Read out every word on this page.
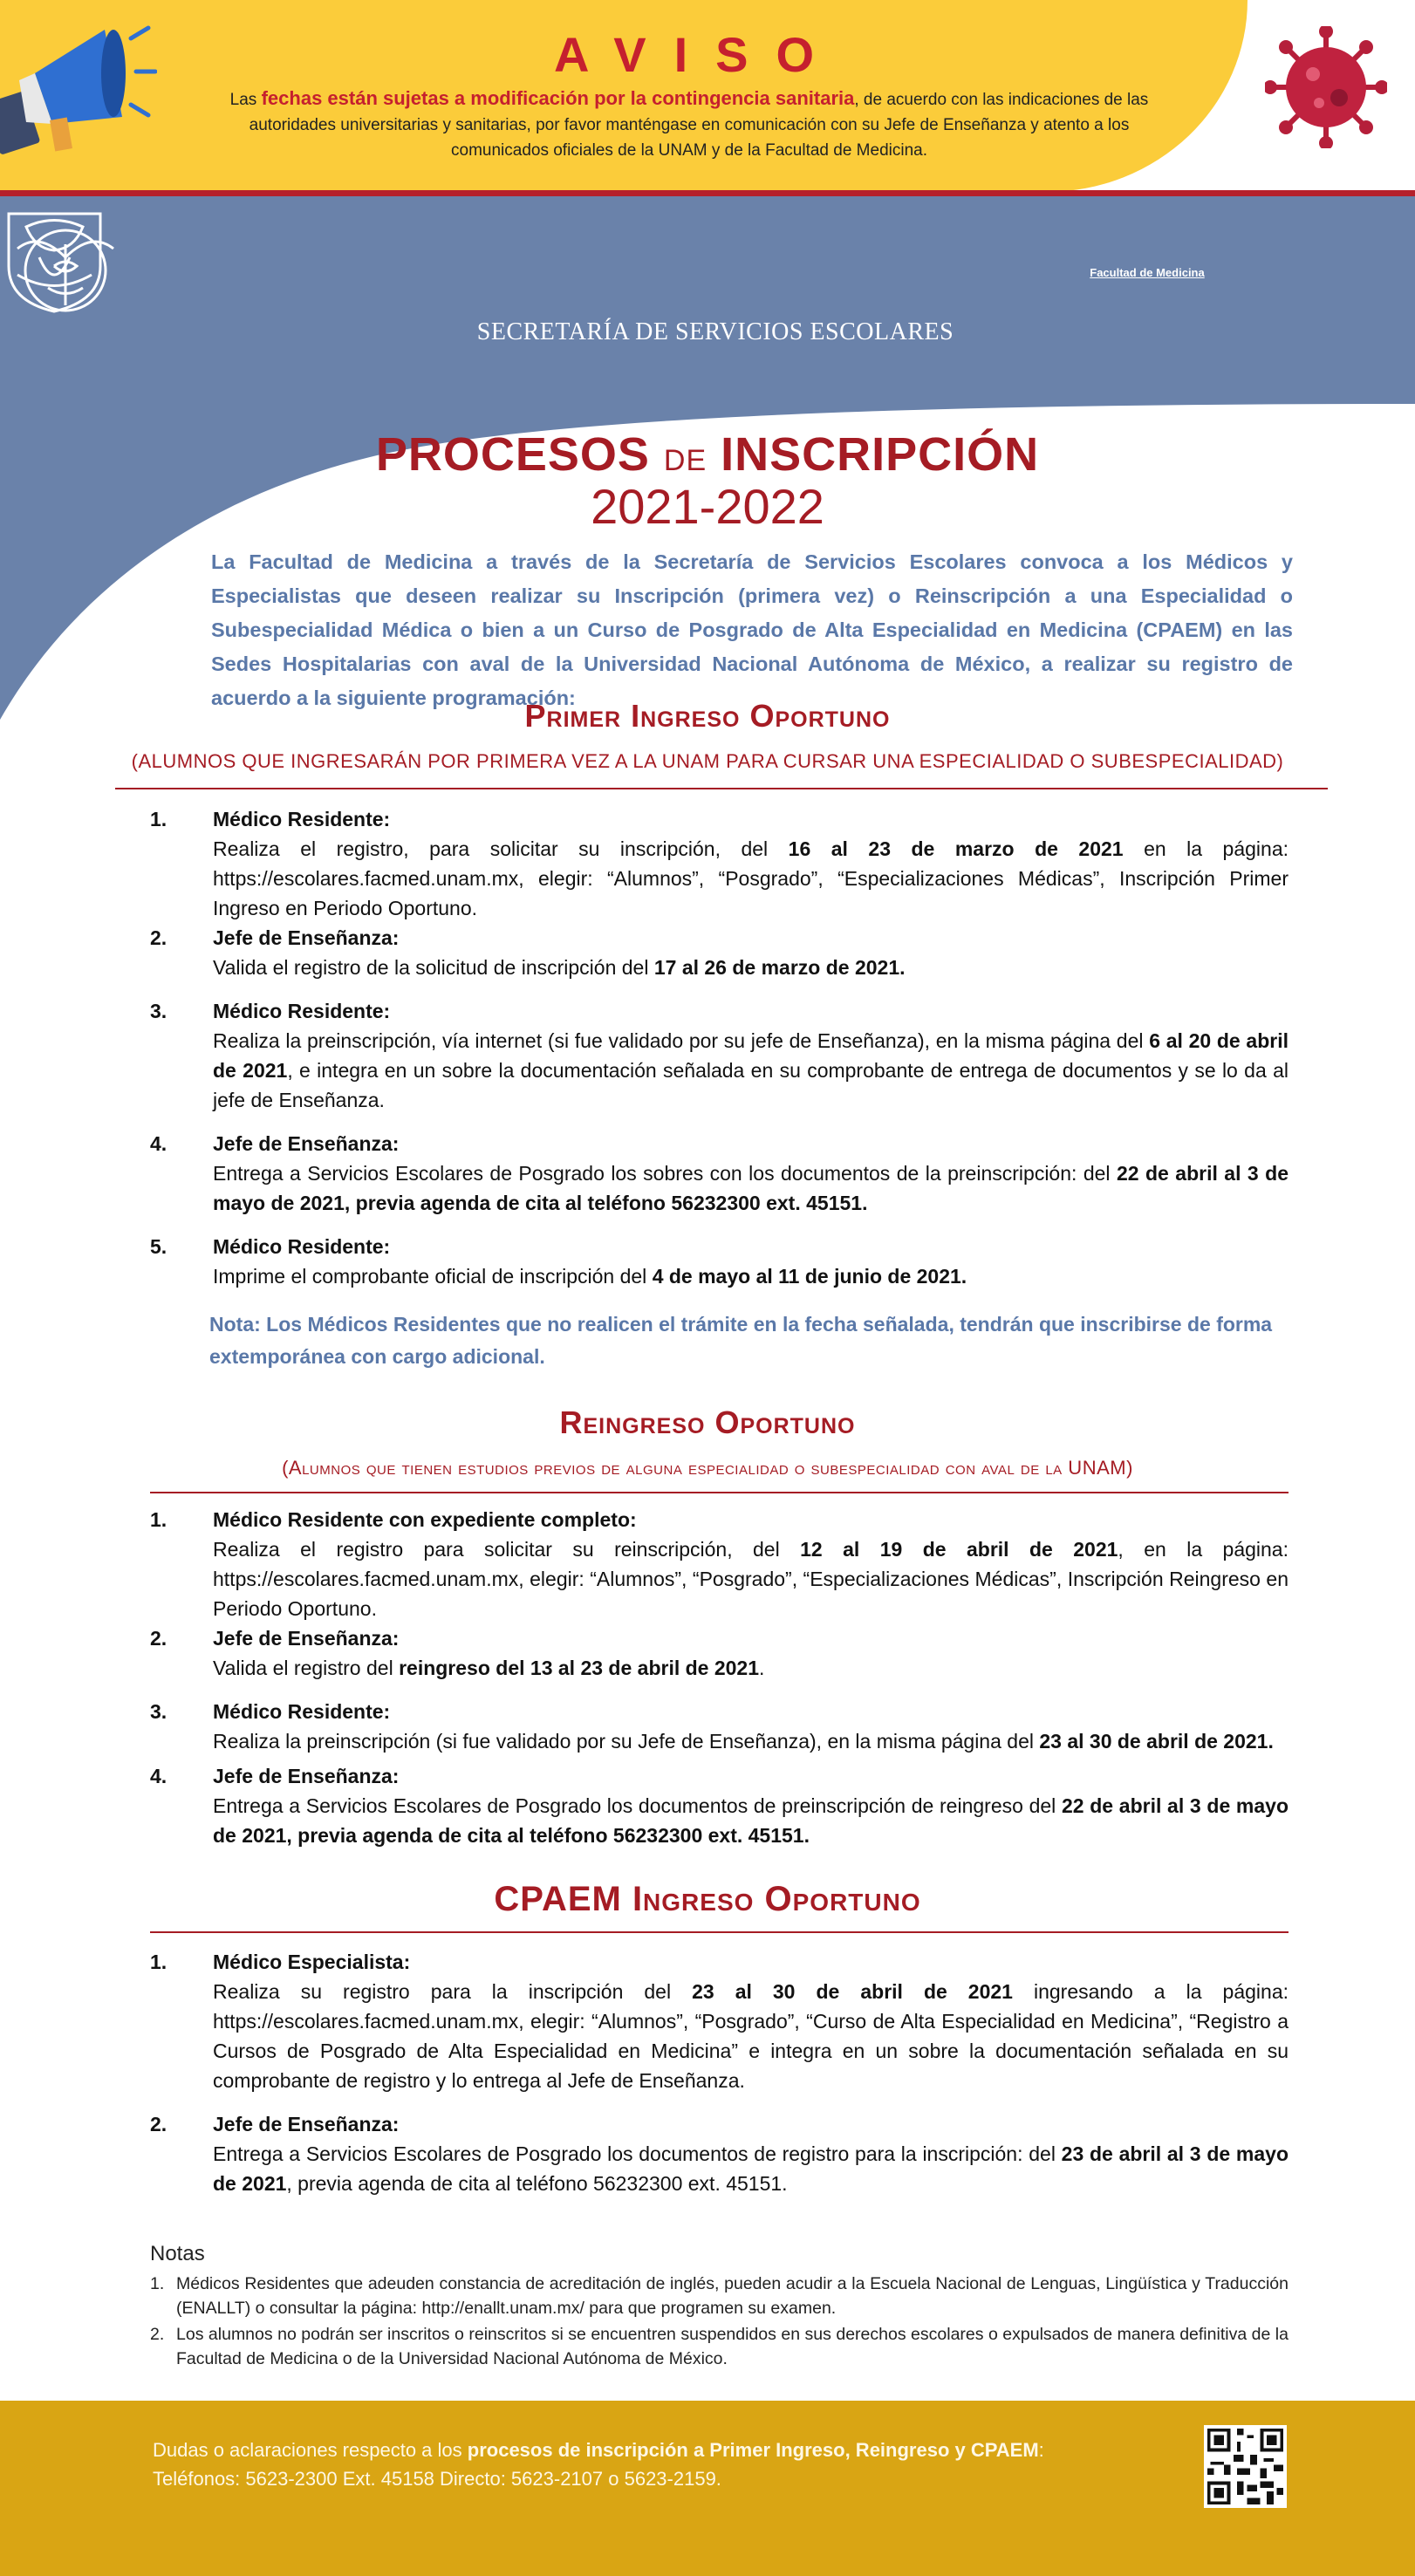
AVISO
Las fechas están sujetas a modificación por la contingencia sanitaria, de acuerdo con las indicaciones de las autoridades universitarias y sanitarias, por favor manténgase en comunicación con su Jefe de Enseñanza y atento a los comunicados oficiales de la UNAM y de la Facultad de Medicina.
SECRETARÍA DE SERVICIOS ESCOLARES
Facultad de Medicina
PROCESOS DE INSCRIPCIÓN
2021-2022
La Facultad de Medicina a través de la Secretaría de Servicios Escolares convoca a los Médicos y Especialistas que deseen realizar su Inscripción (primera vez) o Reinscripción a una Especialidad o Subespecialidad Médica o bien a un Curso de Posgrado de Alta Especialidad en Medicina (CPAEM) en las Sedes Hospitalarias con aval de la Universidad Nacional Autónoma de México, a realizar su registro de acuerdo a la siguiente programación:
Primer Ingreso Oportuno
(ALUMNOS QUE INGRESARÁN POR PRIMERA VEZ A LA UNAM PARA CURSAR UNA ESPECIALIDAD O SUBESPECIALIDAD)
1. Médico Residente:
Realiza el registro, para solicitar su inscripción, del 16 al 23 de marzo de 2021 en la página: https://escolares.facmed.unam.mx, elegir: “Alumnos”, “Posgrado”, “Especializaciones Médicas”, Inscripción Primer Ingreso en Periodo Oportuno.
2. Jefe de Enseñanza:
Valida el registro de la solicitud de inscripción del 17 al 26 de marzo de 2021.
3. Médico Residente:
Realiza la preinscripción, vía internet (si fue validado por su jefe de Enseñanza), en la misma página del 6 al 20 de abril de 2021, e integra en un sobre la documentación señalada en su comprobante de entrega de documentos y se lo da al jefe de Enseñanza.
4. Jefe de Enseñanza:
Entrega a Servicios Escolares de Posgrado los sobres con los documentos de la preinscripción: del 22 de abril al 3 de mayo de 2021, previa agenda de cita al teléfono 56232300 ext. 45151.
5. Médico Residente:
Imprime el comprobante oficial de inscripción del 4 de mayo al 11 de junio de 2021.
Nota: Los Médicos Residentes que no realicen el trámite en la fecha señalada, tendrán que inscribirse de forma extemporánea con cargo adicional.
Reingreso Oportuno
(Alumnos que tienen estudios previos de alguna especialidad o subespecialidad con aval de la UNAM)
1. Médico Residente con expediente completo:
Realiza el registro para solicitar su reinscripción, del 12 al 19 de abril de 2021, en la página: https://escolares.facmed.unam.mx, elegir: “Alumnos”, “Posgrado”, “Especializaciones Médicas”, Inscripción Reingreso en Periodo Oportuno.
2. Jefe de Enseñanza:
Valida el registro del reingreso del 13 al 23 de abril de 2021.
3. Médico Residente:
Realiza la preinscripción (si fue validado por su Jefe de Enseñanza), en la misma página del 23 al 30 de abril de 2021.
4. Jefe de Enseñanza:
Entrega a Servicios Escolares de Posgrado los documentos de preinscripción de reingreso del 22 de abril al 3 de mayo de 2021, previa agenda de cita al teléfono 56232300 ext. 45151.
CPAEM Ingreso Oportuno
1. Médico Especialista:
Realiza su registro para la inscripción del 23 al 30 de abril de 2021 ingresando a la página: https://escolares.facmed.unam.mx, elegir: “Alumnos”, “Posgrado”, “Curso de Alta Especialidad en Medicina”, “Registro a Cursos de Posgrado de Alta Especialidad en Medicina” e integra en un sobre la documentación señalada en su comprobante de registro y lo entrega al Jefe de Enseñanza.
2. Jefe de Enseñanza:
Entrega a Servicios Escolares de Posgrado los documentos de registro para la inscripción: del 23 de abril al 3 de mayo de 2021, previa agenda de cita al teléfono 56232300 ext. 45151.
Notas
1. Médicos Residentes que adeuden constancia de acreditación de inglés, pueden acudir a la Escuela Nacional de Lenguas, Lingüística y Traducción (ENALLT) o consultar la página: http://enallt.unam.mx/ para que programen su examen.
2. Los alumnos no podrán ser inscritos o reinscritos si se encuentren suspendidos en sus derechos escolares o expulsados de manera definitiva de la Facultad de Medicina o de la Universidad Nacional Autónoma de México.
Dudas o aclaraciones respecto a los procesos de inscripción a Primer Ingreso, Reingreso y CPAEM:
Teléfonos: 5623-2300 Ext. 45158 Directo: 5623-2107 o 5623-2159.
